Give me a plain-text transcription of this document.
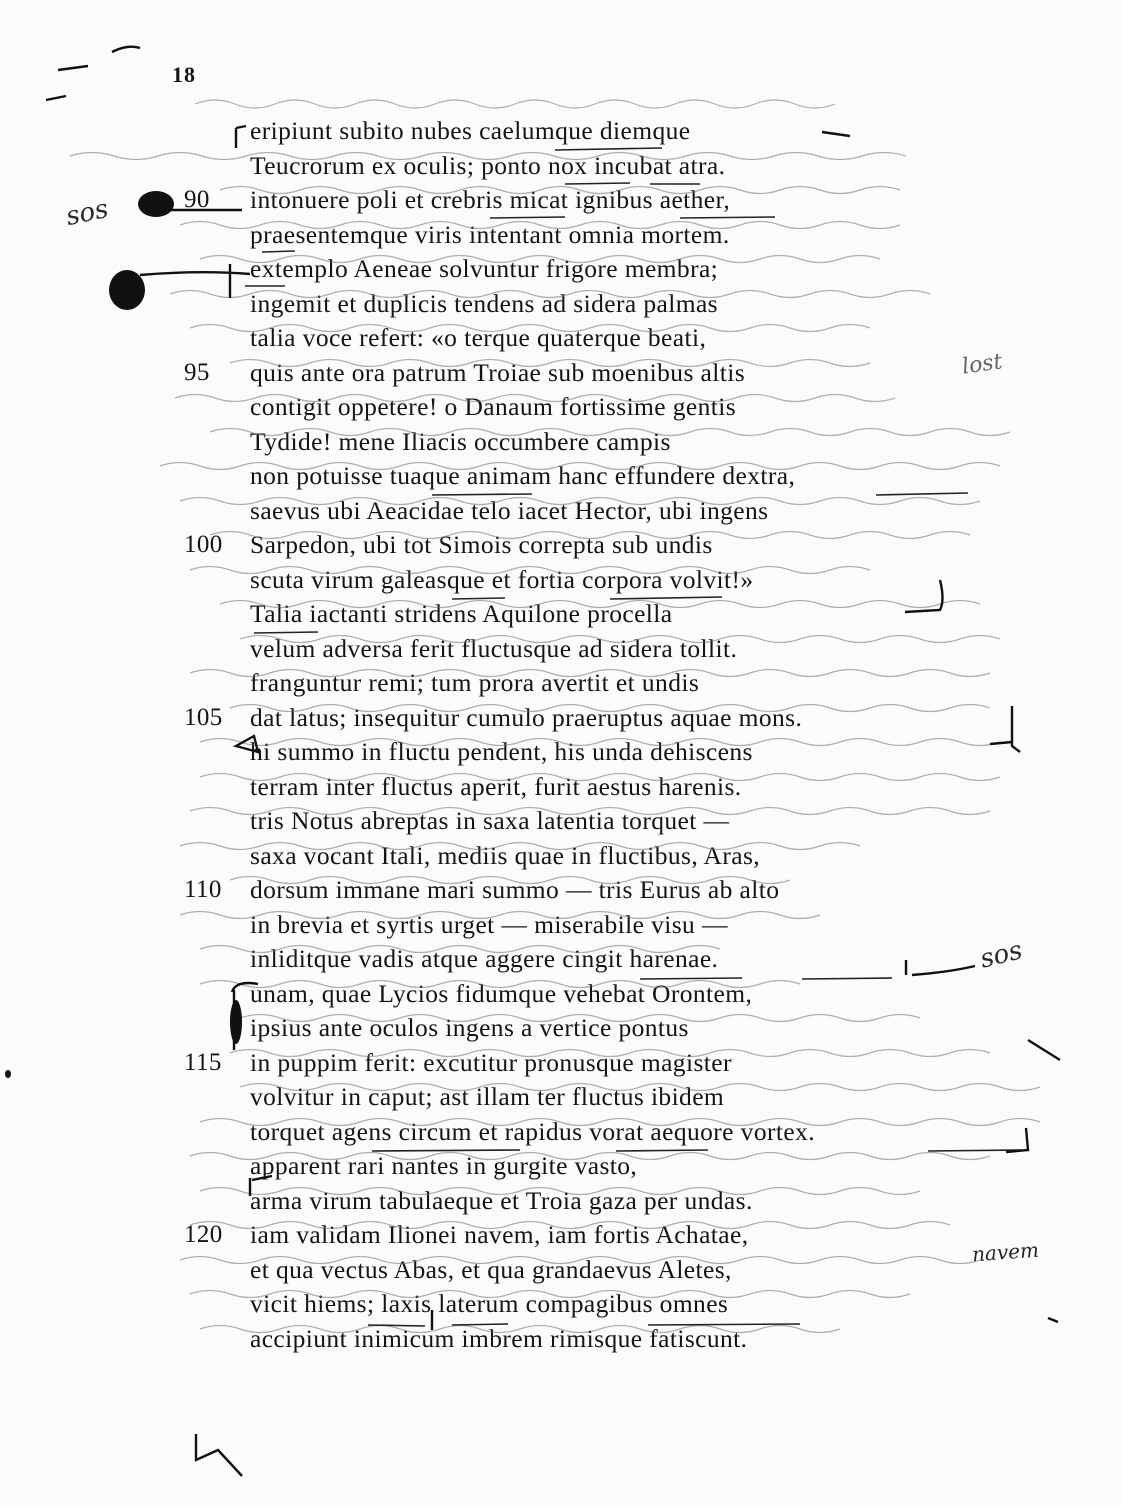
18
eripiunt subito nubes caelumque diemque
Teucrorum ex oculis; ponto nox incubat atra.
90 intonuere poli et crebris micat ignibus aether,
praesentemque viris intentant omnia mortem.
extemplo Aeneae solvuntur frigore membra;
ingemit et duplicis tendens ad sidera palmas
talia voce refert: «o terque quaterque beati,
95 quis ante ora patrum Troiae sub moenibus altis
contigit oppetere! o Danaum fortissime gentis
Tydide! mene Iliacis occumbere campis
non potuisse tuaque animam hanc effundere dextra,
saevus ubi Aeacidae telo iacet Hector, ubi ingens
100 Sarpedon, ubi tot Simois correpta sub undis
scuta virum galeasque et fortia corpora volvit!»
Talia iactanti stridens Aquilone procella
velum adversa ferit fluctusque ad sidera tollit.
franguntur remi; tum prora avertit et undis
105 dat latus; insequitur cumulo praeruptus aquae mons.
hi summo in fluctu pendent, his unda dehiscens
terram inter fluctus aperit, furit aestus harenis.
tris Notus abreptas in saxa latentia torquet —
saxa vocant Itali, mediis quae in fluctibus, Aras,
110 dorsum immane mari summo — tris Eurus ab alto
in brevia et syrtis urget — miserabile visu —
inliditque vadis atque aggere cingit harenae.
unam, quae Lycios fidumque vehebat Orontem,
ipsius ante oculos ingens a vertice pontus
115 in puppim ferit: excutitur pronusque magister
volvitur in caput; ast illam ter fluctus ibidem
torquet agens circum et rapidus vorat aequore vortex.
apparent rari nantes in gurgite vasto,
arma virum tabulaeque et Troia gaza per undas.
120 iam validam Ilionei navem, iam fortis Achatae,
et qua vectus Abas, et qua grandaevus Aletes,
vicit hiems; laxis laterum compagibus omnes
accipiunt inimicum imbrem rimisque fatiscunt.
sos
sos
lost
navem
